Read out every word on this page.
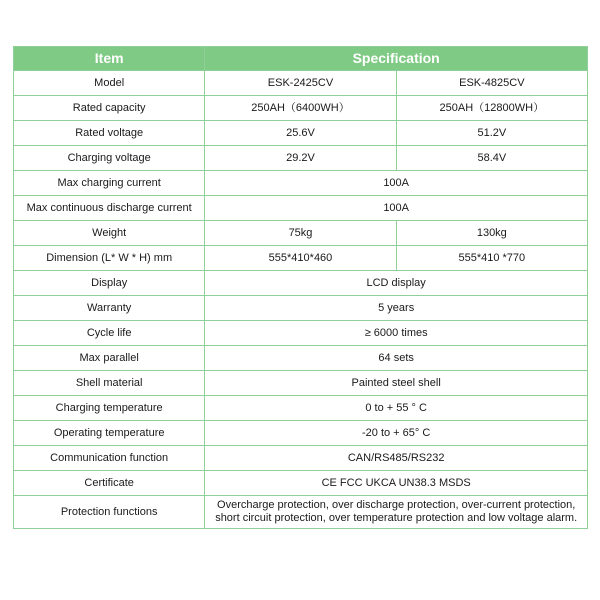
Item	Specification	
Model	ESK-2425CV	ESK-4825CV
Rated capacity	250AH（6400WH）	250AH（12800WH）
Rated voltage	25.6V	51.2V
Charging voltage	29.2V	58.4V
Max charging current	100A	
Max continuous discharge current	100A	
Weight	75kg	130kg
Dimension (L* W * H) mm	555*410*460	555*410 *770
Display	LCD display	
Warranty	5 years	
Cycle life	≥ 6000 times	
Max parallel	64 sets	
Shell material	Painted steel shell	
Charging temperature	0 to + 55 ° C	
Operating temperature	-20 to + 65° C	
Communication function	CAN/RS485/RS232	
Certificate	CE FCC UKCA UN38.3 MSDS	
Protection functions	Overcharge protection, over discharge protection, over-current protection, short circuit protection, over temperature protection and low voltage alarm.	
